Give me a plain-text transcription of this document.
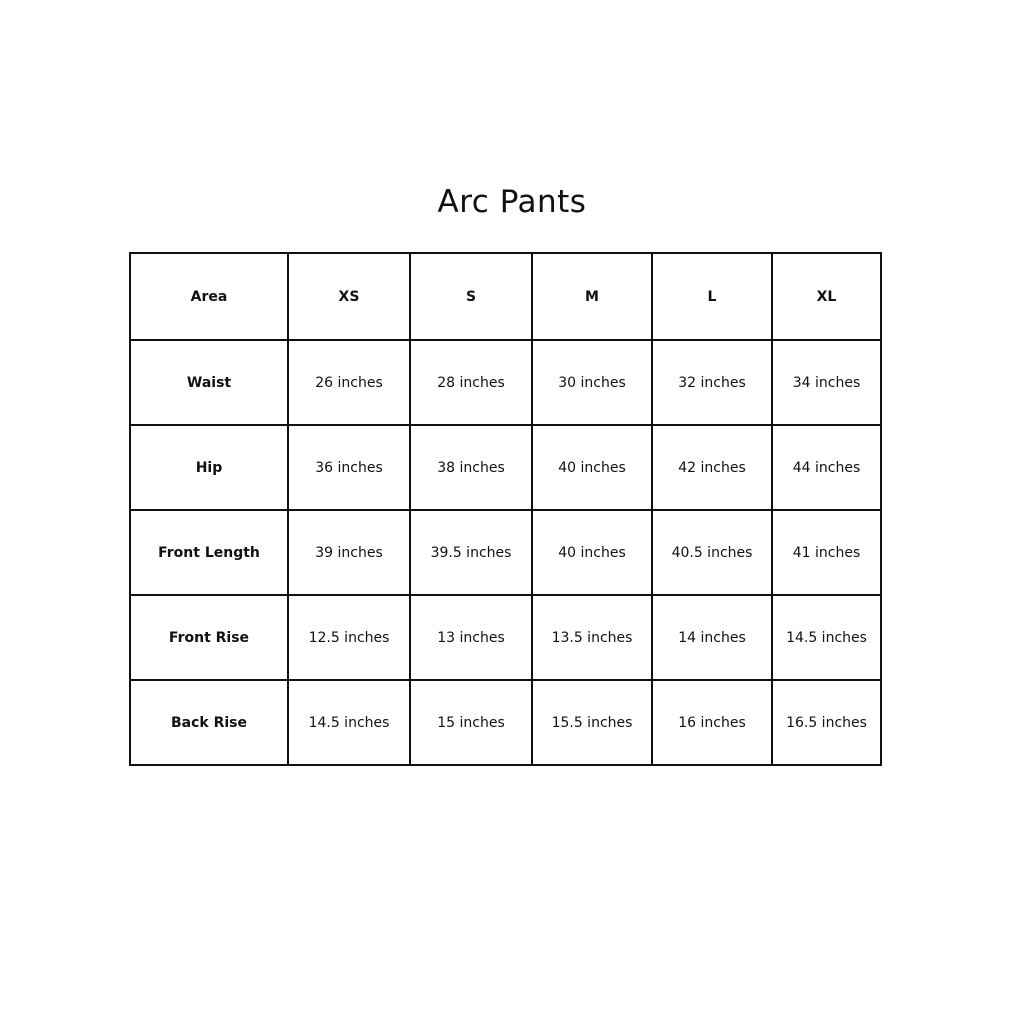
Arc Pants
Area	XS	S	M	L	XL
Waist	26 inches	28 inches	30 inches	32 inches	34 inches
Hip	36 inches	38 inches	40 inches	42 inches	44 inches
Front Length	39 inches	39.5 inches	40 inches	40.5 inches	41 inches
Front Rise	12.5 inches	13 inches	13.5 inches	14 inches	14.5 inches
Back Rise	14.5 inches	15 inches	15.5 inches	16 inches	16.5 inches
